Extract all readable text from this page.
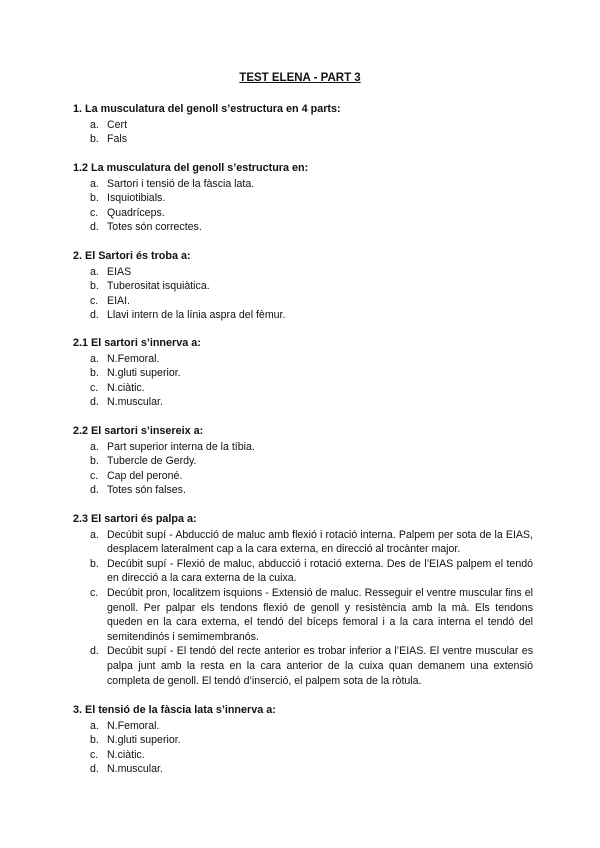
TEST ELENA - PART 3
1. La musculatura del genoll s’estructura en 4 parts:
a. Cert
b. Fals
1.2 La musculatura del genoll s’estructura en:
a. Sartori i tensió de la fàscia lata.
b. Isquiotibials.
c. Quadríceps.
d. Totes són correctes.
2. El Sartori és troba a:
a. EIAS
b. Tuberositat isquiàtica.
c. EIAI.
d. Llavi intern de la línia aspra del fèmur.
2.1 El sartori s’innerva a:
a. N.Femoral.
b. N.gluti superior.
c. N.ciàtic.
d. N.muscular.
2.2 El sartori s’insereix a:
a. Part superior interna de la tíbia.
b. Tubercle de Gerdy.
c. Cap del peroné.
d. Totes són falses.
2.3 El sartori és palpa a:
a. Decúbit supí - Abducció de maluc amb flexió i rotació interna. Palpem per sota de la EIAS, desplacem lateralment cap a la cara externa, en direcció al trocànter major.
b. Decúbit supí - Flexió de maluc, abducció i rotació externa. Des de l’EIAS palpem el tendó en direcció a la cara externa de la cuixa.
c. Decúbit pron, localitzem isquions - Extensió de maluc. Resseguir el ventre muscular fins el genoll. Per palpar els tendons flexió de genoll y resistència amb la mà. Els tendons queden en la cara externa, el tendó del bíceps femoral i a la cara interna el tendó del semitendinós i semimembranós.
d. Decúbit supí - El tendó del recte anterior es trobar inferior a l’EIAS. El ventre muscular es palpa junt amb la resta en la cara anterior de la cuixa quan demanem una extensió completa de genoll. El tendó d’inserció, el palpem sota de la ròtula.
3. El tensió de la fàscia lata s’innerva a:
a. N.Femoral.
b. N.gluti superior.
c. N.ciàtic.
d. N.muscular.
